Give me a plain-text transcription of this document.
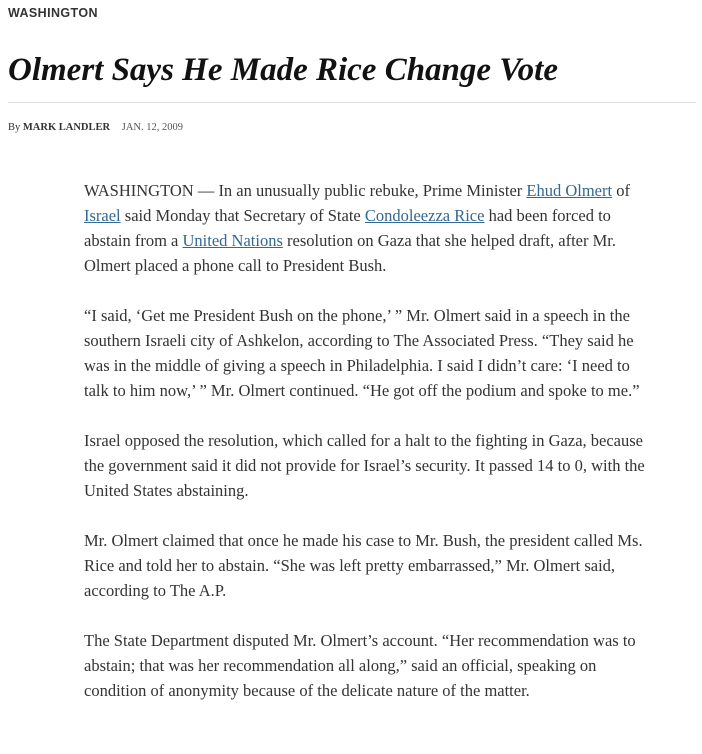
WASHINGTON
Olmert Says He Made Rice Change Vote
By MARK LANDLER JAN. 12, 2009

WASHINGTON — In an unusually public rebuke, Prime Minister Ehud Olmert of Israel said Monday that Secretary of State Condoleezza Rice had been forced to abstain from a United Nations resolution on Gaza that she helped draft, after Mr. Olmert placed a phone call to President Bush.

“I said, ‘Get me President Bush on the phone,’ ” Mr. Olmert said in a speech in the southern Israeli city of Ashkelon, according to The Associated Press. “They said he was in the middle of giving a speech in Philadelphia. I said I didn’t care: ‘I need to talk to him now,’ ” Mr. Olmert continued. “He got off the podium and spoke to me.”

Israel opposed the resolution, which called for a halt to the fighting in Gaza, because the government said it did not provide for Israel’s security. It passed 14 to 0, with the United States abstaining.

Mr. Olmert claimed that once he made his case to Mr. Bush, the president called Ms. Rice and told her to abstain. “She was left pretty embarrassed,” Mr. Olmert said, according to The A.P.

The State Department disputed Mr. Olmert’s account. “Her recommendation was to abstain; that was her recommendation all along,” said an official, speaking on condition of anonymity because of the delicate nature of the matter.
